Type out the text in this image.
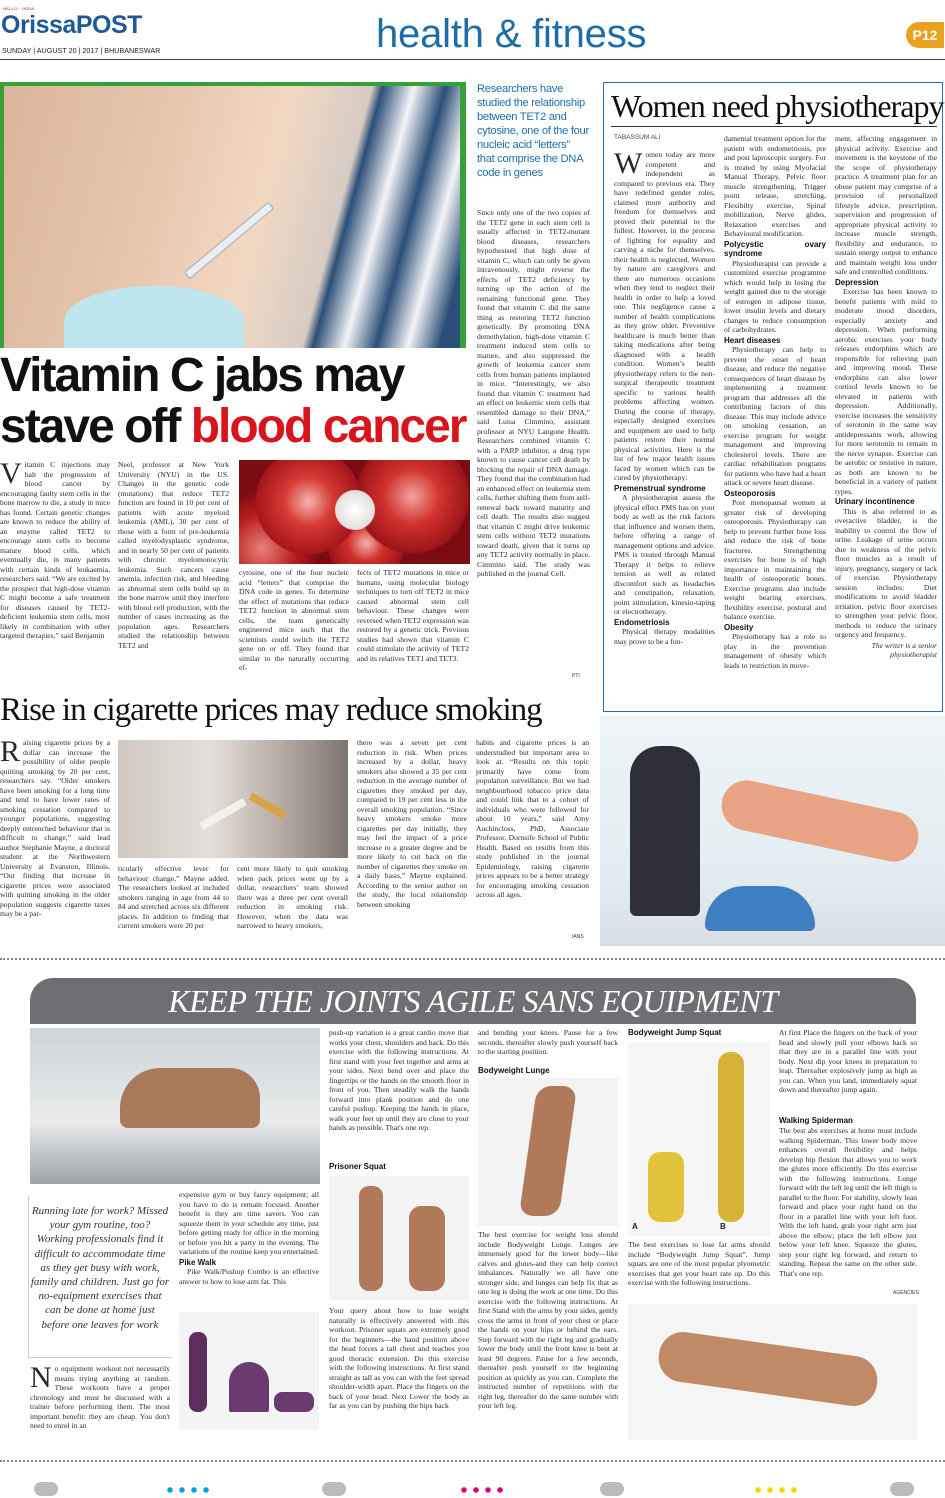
HELLO · INDIA
OrissaPOST
SUNDAY | AUGUST 20 | 2017 | BHUBANESWAR	health & fitness	P12
Vitamin C jabs may
stave off blood cancer
Vitamin C injections may halt the progression of blood cancer by encouraging faulty stem cells in the bone marrow to die, a study in mice has found. Certain genetic changes are known to reduce the ability of an enzyme called TET2 to encourage stem cells to become mature blood cells, which eventually die, in many patients with certain kinds of leukaemia, researchers said. “We are excited by the prospect that high-dose vitamin C might become a safe treatment for diseases caused by TET2-deficient leukemia stem cells, most likely in combination with other targeted therapies,” said Benjamin
Neel, professor at New York University (NYU) in the US. Changes in the genetic code (mutations) that reduce TET2 function are found in 10 per cent of patients with acute myeloid leukemia (AML), 30 per cent of those with a form of pre-leukemia called myelodysplastic syndrome, and in nearly 50 per cent of patients with chronic myelomonocytic leukemia. Such cancers cause anemia, infection risk, and bleeding as abnormal stem cells build up in the bone marrow until they interfere with blood cell production, with the number of cases increasing as the population ages. Researchers studied the relationship between TET2 and
cytosine, one of the four nucleic acid “letters” that comprise the DNA code in genes. To determine the effect of mutations that reduce TET2 function in abnormal stem cells, the team genetically engineered mice such that the scientists could switch the TET2 gene on or off. They found that similar to the naturally occurring ef-
fects of TET2 mutations in mice or humans, using molecular biology techniques to turn off TET2 in mice caused abnormal stem cell behaviour. These changes were reversed when TET2 expression was restored by a genetic trick. Previous studies had shown that vitamin C could stimulate the activity of TET2 and its relatives TET1 and TET3.
Researchers have studied the relationship between TET2 and cytosine, one of the four nucleic acid “letters” that comprise the DNA code in genes
Since only one of the two copies of the TET2 gene in each stem cell is usually affected in TET2-mutant blood diseases, researchers hypothesised that high dose of vitamin C, which can only be given intravenously, might reverse the effects of TET2 deficiency by turning up the action of the remaining functional gene. They found that vitamin C did the same thing as restoring TET2 function genetically. By promoting DNA demethylation, high-dose vitamin C treatment induced stem cells to mature, and also suppressed the growth of leukemia cancer stem cells from human patients implanted in mice. “Interestingly, we also found that vitamin C treatment had an effect on leukemic stem cells that resembled damage to their DNA,” said Luisa Cimmino, assistant professor at NYU Langone Health. Researchers combined vitamin C with a PARP inhibitor, a drug type known to cause cancer cell death by blocking the repair of DNA damage. They found that the combination had an enhanced effect on leukemia stem cells, further shifting them from self-renewal back toward maturity and cell death. The results also suggest that vitamin C might drive leukemic stem cells without TET2 mutations toward death, given that it turns up any TET2 activity normally in place, Cimmino said. The study was published in the journal Cell.
PTI
Women need physiotherapy
TABASSUM ALI
Women today are more competent and independent as compared to previous era. They have redefined gender roles, claimed more authority and freedom for themselves and proved their potential to the fullest. However, in the process of fighting for equality and carving a niche for themselves, their health is neglected. Women by nature are caregivers and there are numerous occasions when they tend to neglect their health in order to help a loved one. This negligence cause a number of health complications as they grow older. Preventive healthcare is much better than taking medications after being diagnosed with a health condition. Women’s health physiotherapy refers to the non-surgical therapeutic treatment specific to various health problems affecting women. During the course of therapy, especially designed exercises and equipment are used to help patients restore their normal physical activities. Here is the list of few major health issues faced by women which can be cured by physiotherapy:
Premenstrual syndrome

A physiotherapist assess the physical effect PMS has on your body as well as the risk factors that influence and worsen them, before offering a range of management options and advice. PMS is treated through Manual Therapy it helps to relieve tension as well as related discomfort such as headaches and constipation, relaxation, point stimulation, kinesio-taping or electrotherapy.

Endometriosis

Physical therapy modalities may prove to be a fun-

damental treatment option for the patient with endometriosis, pre and post laproscopic surgery. For is treated by using Myofacial Manual Therapy, Pelvic floor muscle strengthening, Trigger point release, stretching, Flexibilty exercise, Spinal mobilization, Nerve glides, Relaxation exercises and Behavioural modification.
Polycystic ovary syndrome

Physiotherapist can provide a customized exercise programme which would help in losing the weight gained due to the storage of estrogen in adipose tissue, lower insulin levels and dietary changes to reduce consumption of carbohydrates.

Heart diseases

Physiotherapy can help to prevent the onset of heart disease, and reduce the negative consequences of heart disease by implementing a treatment program that addresses all the contributing factors of this disease. This may include advice on smoking cessation, an exercise program for weight management and improving cholesterol levels. There are cardiac rehabilitation programs for patients who have had a heart attack or severe heart disease.

Osteoporosis

Post menopausal women at greater risk of developing osteoporosis. Physiotherapy can help to prevent further bone loss and reduce the risk of bone fractures. Strengthening exercises for bone is of high importance in maintaining the health of osteoporotic bones. Exercise programs also include weight bearing exercises, flexibility exercise, postural and balance exercise.

Obesity

Physiotherapy has a role to play in the prevention management of obesity which leads to restriction in move-

ment, affecting engagement in physical activity. Exercise and movement is the keystone of the the scope of physiotherapy practice. A treatment plan for an obese patient may comprise of a provision of personalized lifestyle advice, prescription, supervision and progression of appropriate physical activity to increase muscle strength, flexibility and endurance, to sustain energy output to enhance and maintain weight loss under safe and controlled conditions.
Depression

Exercise has been known to benefit patients with mild to moderate mood disorders, especially anxiety and depression. When performing aerobic exercises your body releases endorphins which are responsible for relieving pain and improving mood. These endorphins can also lower cortisol levels known to be elevated in patients with depression. Additionally, exercise increases the sensitivity of serotonin in the same way antidepressants work, allowing for more serotonin to remain in the nerve synapse. Exercise can be aerobic or resistive in nature, as both are known to be beneficial in a variety of patient types.

Urinary incontinence

This is also referred to as overactive bladder, is the inability to control the flow of urine. Leakage of urine occurs due to weakness of the pelvic floor muscles as a result of injury, pregnancy, surgery or lack of exercise. Physiotherapy session includes: Diet modifications to avoid bladder irritation, pelvic floor exercises to strengthen your pelvic floor, methods to reduce the urinary urgency and frequency.

The writer is a senior physiotherapist
Rise in cigarette prices may reduce smoking
Raising cigarette prices by a dollar can increase the possibility of older people quitting smoking by 20 per cent, researchers say. “Older smokers have been smoking for a long time and tend to have lower rates of smoking cessation compared to younger populations, suggesting deeply entrenched behaviour that is difficult to change,” said lead author Stephanie Mayne, a doctoral student at the Northwestern University at Evanston, Illinois. “Our finding that increase in cigarette prices were associated with quitting smoking in the older population suggests cigarette taxes may be a par-
ticularly effective lever for behaviour change,” Mayne added. The researchers looked at included smokers ranging in age from 44 to 84 and stretched across six different places. In addition to finding that current smokers were 20 per
cent more likely to quit smoking when pack prices went up by a dollar, researchers’ team showed there was a three per cent overall reduction in smoking risk. However, when the data was narrowed to heavy smokers,
there was a seven per cent reduction in risk. When prices increased by a dollar, heavy smokers also showed a 35 per cent reduction in the average number of cigarettes they smoked per day, compared to 19 per cent less in the overall smoking population. “Since heavy smokers smoke more cigarettes per day initially, they may feel the impact of a price increase to a greater degree and be more likely to cut back on the number of cigarettes they smoke on a daily basis,” Mayne explained. According to the senior author on the study, the local relationship between smoking
habits and cigarette prices is an understudied but important area to look at. “Results on this topic primarily have come from population surveillance. But we had neighbourhood tobacco price data and could link that to a cohort of individuals who were followed for about 10 years,” said Amy Auchincloss, PhD, Associate Professor, Dornsife School of Public Health. Based on results from this study published in the journal Epidemiology, raising cigarette prices appears to be a better strategy for encouraging smoking cessation across all ages.
IANS
KEEP THE JOINTS AGILE SANS EQUIPMENT
Running late for work? Missed your gym routine, too? Working professionals find it difficult to accommodate time as they get busy with work, family and children. Just go for no-equipment exercises that can be done at home just before one leaves for work
No equipment workout not necessarily means trying anything at random. These workouts have a proper chronology and must be discussed with a trainer before performing them. The most important benefit: they are cheap. You don't need to enrol in an
expensive gym or buy fancy equipment; all you have to do is remain focused. Another benefit is they are time savers. You can squeeze them in your schedule any time, just before getting ready for office in the morning or before you hit a party in the evening. The variations of the routine keep you entertained.
Pike Walk

Pike Walk/Pushup Combo is an effective answer to how to lose arm fat. This

push-up variation is a great cardio move that works your chest, shoulders and back. Do this exercise with the following instructions. At first stand with your feet together and arms at your sides. Next bend over and place the fingertips or the hands on the smooth floor in front of you. Then steadily walk the hands forward into plank position and do one careful pushup. Keeping the hands in place, walk your feet up until they are close to your hands as possible. That's one rep.
Prisoner Squat
Your query about how to lose weight naturally is effectively answered with this workout. Prisoner squats are extremely good for the beginners—the hand position above the head forces a tall chest and teaches you good thoracic extension. Do this exercise with the following instructions. At first stand straight as tall as you can with the feet spread shoulder-width apart. Place the fingers on the back of your head. Next Lower the body as far as you can by pushing the hips back
and bending your knees. Pause for a few seconds, thereafter slowly push yourself back to the starting position.
Bodyweight Lunge
The best exercise for weight loss should include Bodyweight Lunge. Lunges are immensely good for the lower body—like calves and glutes-and they can help correct imbalances. Naturally we all have one stronger side, and lunges can help fix that as one leg is doing the work at one time. Do this exercise with the following instructions. At first Stand with the arms by your sides, gently cross the arms in front of your chest or place the hands on your hips or behind the ears. Step forward with the right leg and gradually lower the body until the front knee is bent at least 90 degrees. Pause for a few seconds, thereafter push yourself to the beginning position as quickly as you can. Complete the instructed number of repetitions with the right leg, thereafter do the same number with your left leg.
Bodyweight Jump Squat
A	B
The best exercises to lose fat arms should include “Bodyweight Jump Squat”. Jump squats are one of the most popular plyometric exercises that get your heart rate up. Do this exercise with the following instructions.
At first Place the fingers on the back of your head and slowly pull your elbows back so that they are in a parallel line with your body. Next dip your knees in preparation to leap. Thereafter explosively jump as high as you can. When you land, immediately squat down and thereafter jump again.
Walking Spiderman
The best abs exercises at home must include walking Spiderman. This lower body move enhances overall flexibility and helps develop hip flexion that allows you to work the glutes more efficiently. Do this exercise with the following instructions. Lunge forward with the left leg until the left thigh is parallel to the floor. For stability, slowly lean forward and place your right hand on the floor in a parallel line with your left foot. With the left hand, grab your right arm just above the elbow; place the left elbow just below your left knee. Squeeze the glutes, step your right leg forward, and return to standing. Repeat the same on the other side. That's one rep.
AGENCIES
